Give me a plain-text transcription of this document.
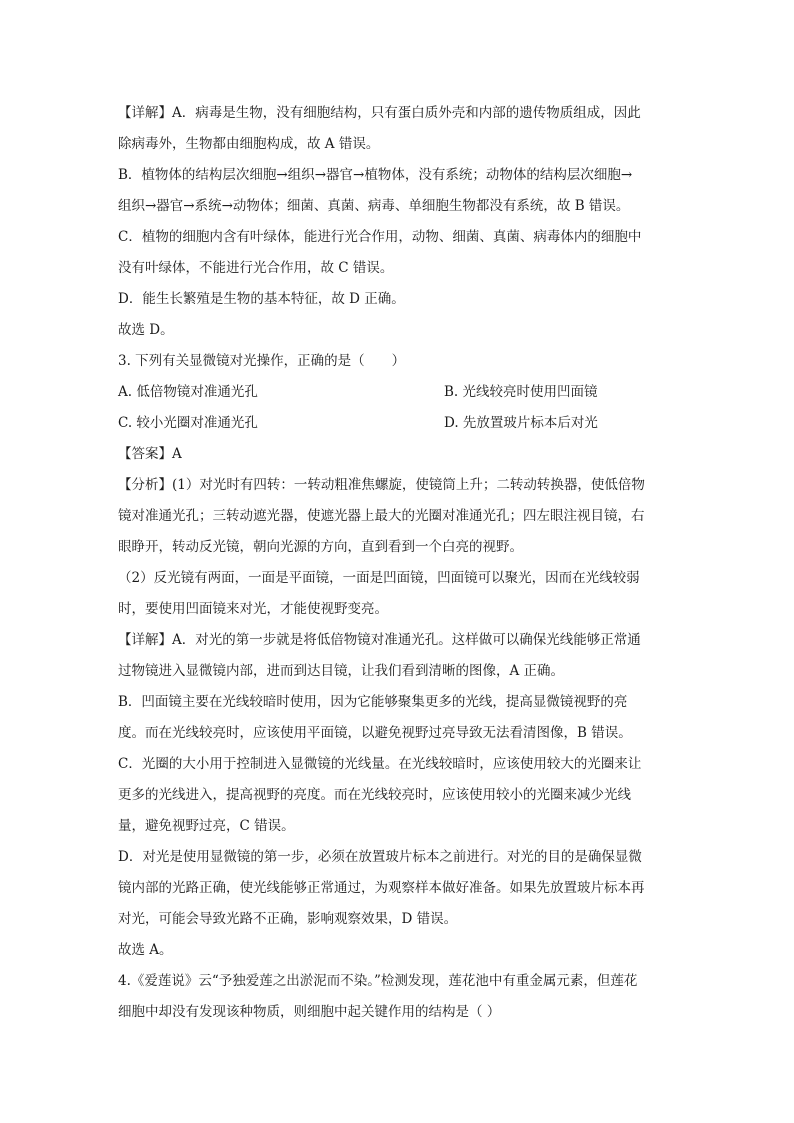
【详解】A．病毒是生物，没有细胞结构，只有蛋白质外壳和内部的遗传物质组成，因此
除病毒外，生物都由细胞构成，故 A 错误。
B．植物体的结构层次细胞→组织→器官→植物体，没有系统；动物体的结构层次细胞→
组织→器官→系统→动物体；细菌、真菌、病毒、单细胞生物都没有系统，故 B 错误。
C．植物的细胞内含有叶绿体，能进行光合作用，动物、细菌、真菌、病毒体内的细胞中
没有叶绿体，不能进行光合作用，故 C 错误。
D．能生长繁殖是生物的基本特征，故 D 正确。
故选 D。
3. 下列有关显微镜对光操作，正确的是（　　）
A. 低倍物镜对准通光孔	B. 光线较亮时使用凹面镜
C. 较小光圈对准通光孔	D. 先放置玻片标本后对光
【答案】A
【分析】(1）对光时有四转：一转动粗准焦螺旋，使镜筒上升；二转动转换器，使低倍物
镜对准通光孔；三转动遮光器，使遮光器上最大的光圈对准通光孔；四左眼注视目镜，右
眼睁开，转动反光镜，朝向光源的方向，直到看到一个白亮的视野。
（2）反光镜有两面，一面是平面镜，一面是凹面镜，凹面镜可以聚光，因而在光线较弱
时，要使用凹面镜来对光，才能使视野变亮。
【详解】A．对光的第一步就是将低倍物镜对准通光孔。这样做可以确保光线能够正常通
过物镜进入显微镜内部，进而到达目镜，让我们看到清晰的图像，A 正确。
B．凹面镜主要在光线较暗时使用，因为它能够聚集更多的光线，提高显微镜视野的亮
度。而在光线较亮时，应该使用平面镜，以避免视野过亮导致无法看清图像，B 错误。
C．光圈的大小用于控制进入显微镜的光线量。在光线较暗时，应该使用较大的光圈来让
更多的光线进入，提高视野的亮度。而在光线较亮时，应该使用较小的光圈来减少光线
量，避免视野过亮，C 错误。
D．对光是使用显微镜的第一步，必须在放置玻片标本之前进行。对光的目的是确保显微
镜内部的光路正确，使光线能够正常通过，为观察样本做好准备。如果先放置玻片标本再
对光，可能会导致光路不正确，影响观察效果，D 错误。
故选 A。
4.《爱莲说》云“予独爱莲之出淤泥而不染。”检测发现，莲花池中有重金属元素，但莲花
细胞中却没有发现该种物质，则细胞中起关键作用的结构是（ ）
